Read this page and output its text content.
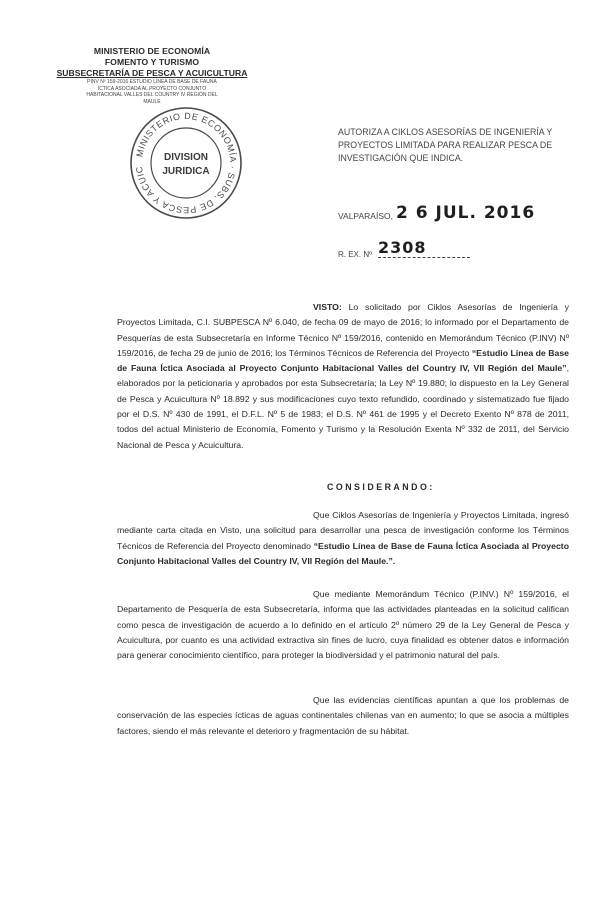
MINISTERIO DE ECONOMÍA
FOMENTO Y TURISMO
SUBSECRETARÍA DE PESCA Y ACUICULTURA
PINV Nº 159-2016 ESTUDIO LÍNEA DE BASE DE FAUNA
ÍCTICA ASOCIADA AL PROYECTO CONJUNTO
HABITACIONAL VALLES DEL COUNTRY IV REGIÓN DEL
MAULE
MINISTERIO DE ECONOMÍA · SUBS. DE PESCA Y ACUIC
DIVISION
JURIDICA
AUTORIZA A CIKLOS ASESORÍAS DE INGENIERÍA Y PROYECTOS LIMITADA PARA REALIZAR PESCA DE INVESTIGACIÓN QUE INDICA.
VALPARAÍSO, 2 6 JUL. 2016
R. EX. Nº 2308
VISTO: Lo solicitado por Ciklos Asesorías de Ingeniería y Proyectos Limitada, C.I. SUBPESCA Nº 6.040, de fecha 09 de mayo de 2016; lo informado por el Departamento de Pesquerías de esta Subsecretaría en Informe Técnico Nº 159/2016, contenido en Memorándum Técnico (P.INV) Nº 159/2016, de fecha 29 de junio de 2016; los Términos Técnicos de Referencia del Proyecto “Estudio Línea de Base de Fauna Íctica Asociada al Proyecto Conjunto Habitacional Valles del Country IV, VII Región del Maule”, elaborados por la peticionaria y aprobados por esta Subsecretaría; la Ley Nº 19.880; lo dispuesto en la Ley General de Pesca y Acuicultura Nº 18.892 y sus modificaciones cuyo texto refundido, coordinado y sistematizado fue fijado por el D.S. Nº 430 de 1991, el D.F.L. Nº 5 de 1983; el D.S. Nº 461 de 1995 y el Decreto Exento Nº 878 de 2011, todos del actual Ministerio de Economía, Fomento y Turismo y la Resolución Exenta Nº 332 de 2011, del Servicio Nacional de Pesca y Acuicultura.
CONSIDERANDO:
Que Ciklos Asesorías de Ingeniería y Proyectos Limitada, ingresó mediante carta citada en Visto, una solicitud para desarrollar una pesca de investigación conforme los Términos Técnicos de Referencia del Proyecto denominado “Estudio Línea de Base de Fauna Íctica Asociada al Proyecto Conjunto Habitacional Valles del Country IV, VII Región del Maule.”.
Que mediante Memorándum Técnico (P.INV.) Nº 159/2016, el Departamento de Pesquería de esta Subsecretaría, informa que las actividades planteadas en la solicitud califican como pesca de investigación de acuerdo a lo definido en el artículo 2º número 29 de la Ley General de Pesca y Acuicultura, por cuanto es una actividad extractiva sin fines de lucro, cuya finalidad es obtener datos e información para generar conocimiento científico, para proteger la biodiversidad y el patrimonio natural del país.
Que las evidencias científicas apuntan a que los problemas de conservación de las especies ícticas de aguas continentales chilenas van en aumento; lo que se asocia a múltiples factores, siendo el más relevante el deterioro y fragmentación de su hábitat.
